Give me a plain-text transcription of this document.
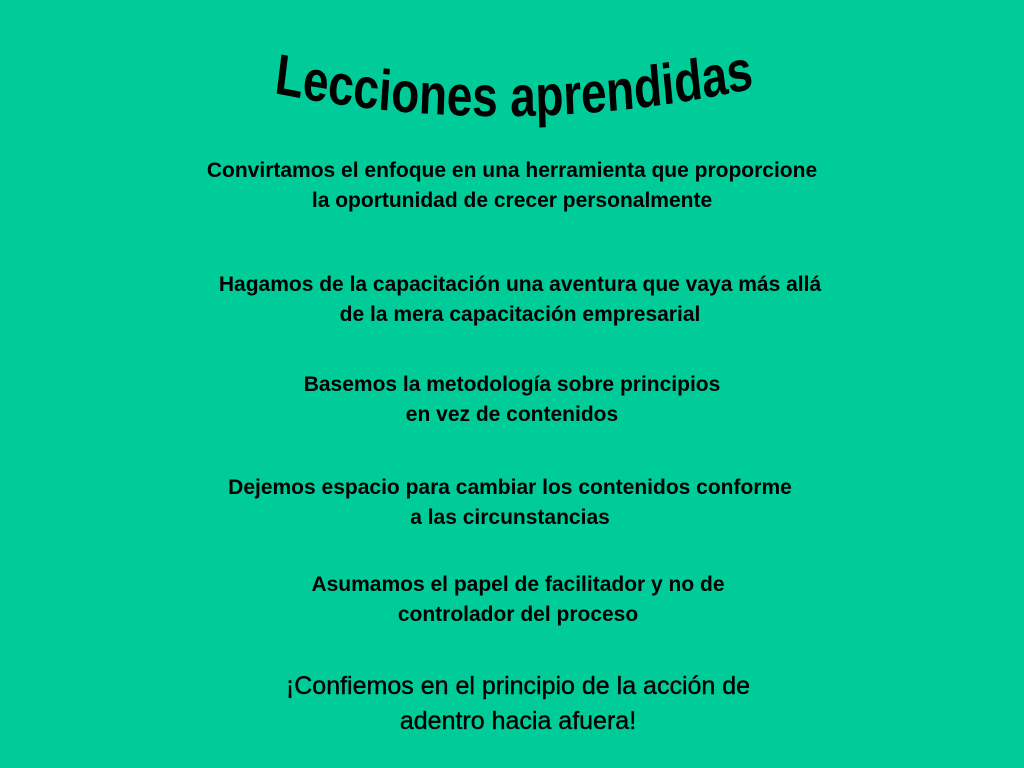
Lecciones aprendidas
Convirtamos el enfoque en una herramienta que proporcione
la oportunidad de crecer personalmente
Hagamos de la capacitación una aventura que vaya más allá
de la mera capacitación empresarial
Basemos la metodología sobre principios
en vez de contenidos
Dejemos espacio para cambiar los contenidos conforme
a las circunstancias
Asumamos el papel de facilitador y no de
controlador del proceso
¡Confiemos en el principio de la acción de
adentro hacia afuera!
